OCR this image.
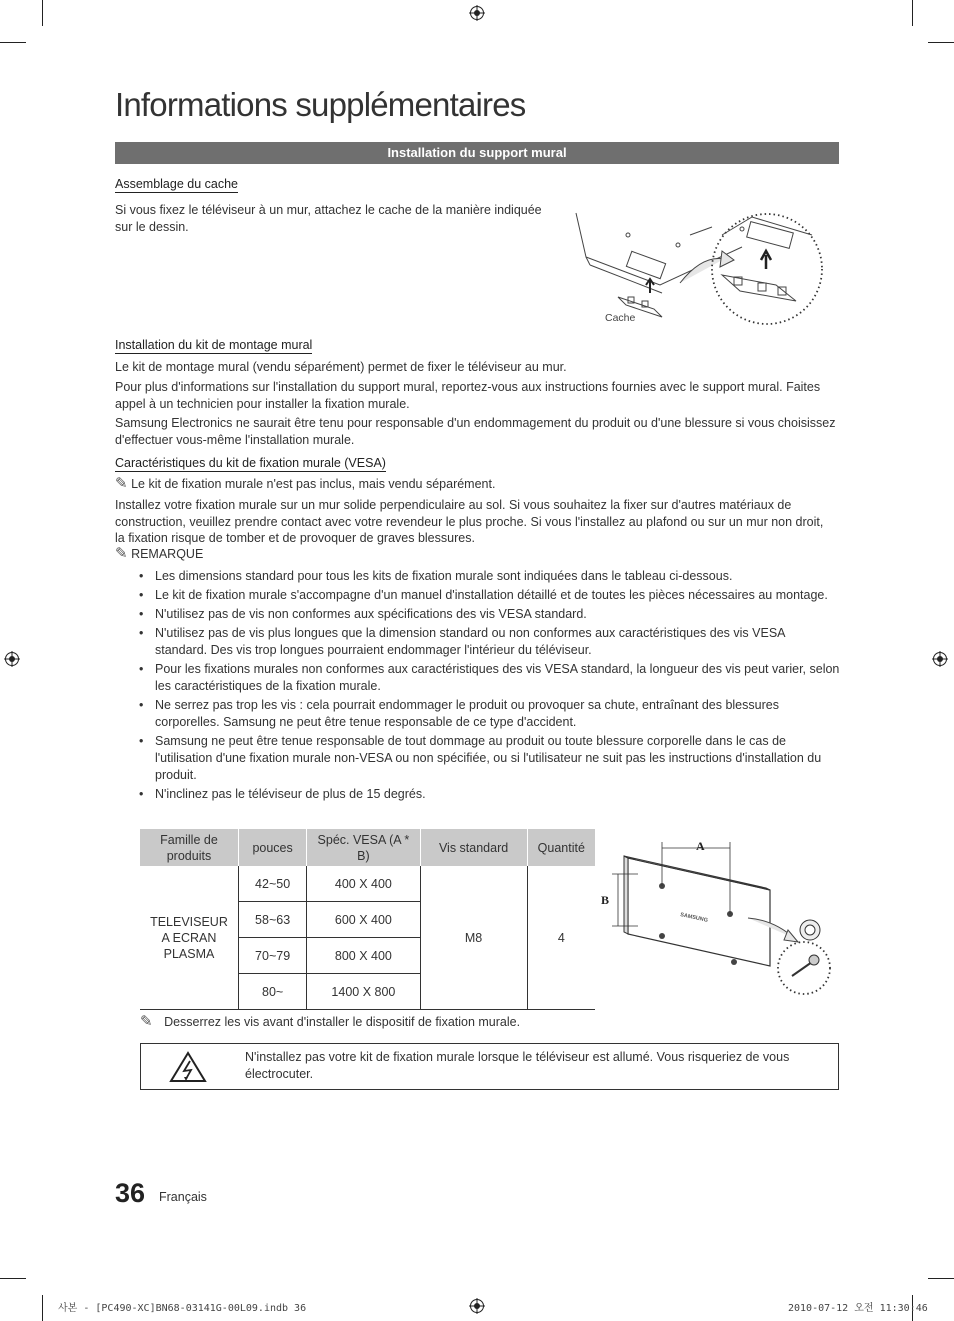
Informations supplémentaires
Installation du support mural
Assemblage du cache
Si vous fixez le téléviseur à un mur, attachez le cache de la manière indiquée sur le dessin.
Cache
Installation du kit de montage mural
Le kit de montage mural (vendu séparément) permet de fixer le téléviseur au mur.
Pour plus d'informations sur l'installation du support mural, reportez-vous aux instructions fournies avec le support mural. Faites appel à un technicien pour installer la fixation murale.
Samsung Electronics ne saurait être tenu pour responsable d'un endommagement du produit ou d'une blessure si vous choisissez d'effectuer vous-même l'installation murale.
Caractéristiques du kit de fixation murale (VESA)
✎ Le kit de fixation murale n'est pas inclus, mais vendu séparément.
Installez votre fixation murale sur un mur solide perpendiculaire au sol. Si vous souhaitez la fixer sur d'autres matériaux de construction, veuillez prendre contact avec votre revendeur le plus proche. Si vous l'installez au plafond ou sur un mur non droit, la fixation risque de tomber et de provoquer de graves blessures.
✎ REMARQUE
• Les dimensions standard pour tous les kits de fixation murale sont indiquées dans le tableau ci-dessous.
• Le kit de fixation murale s'accompagne d'un manuel d'installation détaillé et de toutes les pièces nécessaires au montage.
• N'utilisez pas de vis non conformes aux spécifications des vis VESA standard.
• N'utilisez pas de vis plus longues que la dimension standard ou non conformes aux caractéristiques des vis VESA standard. Des vis trop longues pourraient endommager l'intérieur du téléviseur.
• Pour les fixations murales non conformes aux caractéristiques des vis VESA standard, la longueur des vis peut varier, selon les caractéristiques de la fixation murale.
• Ne serrez pas trop les vis : cela pourrait endommager le produit ou provoquer sa chute, entraînant des blessures corporelles. Samsung ne peut être tenue responsable de ce type d'accident.
• Samsung ne peut être tenue responsable de tout dommage au produit ou toute blessure corporelle dans le cas de l'utilisation d'une fixation murale non-VESA ou non spécifiée, ou si l'utilisateur ne suit pas les instructions d'installation du produit.
• N'inclinez pas le téléviseur de plus de 15 degrés.
Famille de produits	pouces	Spéc. VESA (A * B)	Vis standard	Quantité
TELEVISEUR A ECRAN PLASMA	42~50	400 X 400	M8	4
	58~63	600 X 400		
	70~79	800 X 400		
	80~	1400 X 800		
A
B
SAMSUNG
✎ Desserrez les vis avant d'installer le dispositif de fixation murale.
N'installez pas votre kit de fixation murale lorsque le téléviseur est allumé. Vous risqueriez de vous électrocuter.
36 Français
사본 - [PC490-XC]BN68-03141G-00L09.indb 36	2010-07-12 오전 11:30:46
